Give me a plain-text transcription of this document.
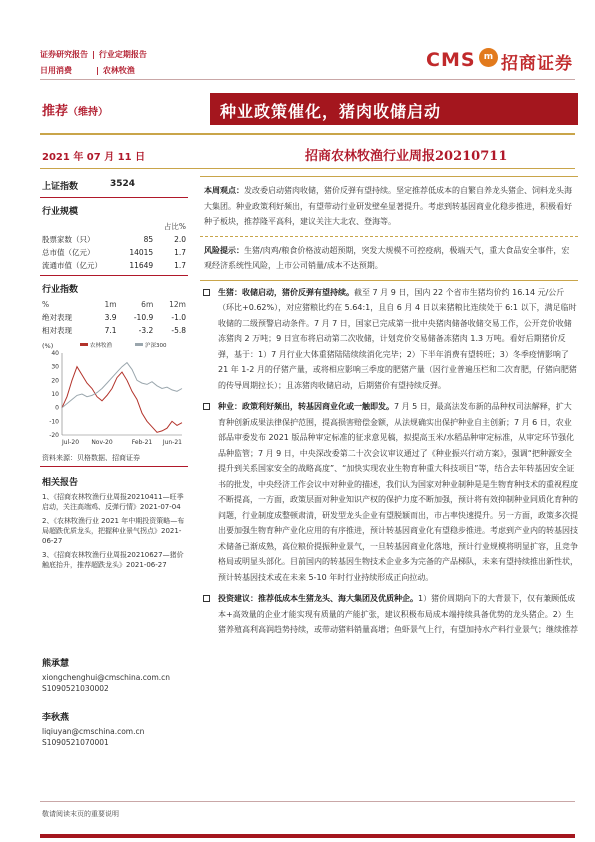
证券研究报告 | 行业定期报告
日用消费	| 农林牧渔	CMS m 招商证券
推荐（维持）	种业政策催化，猪肉收储启动
2021 年 07 月 11 日	招商农林牧渔行业周报20210711
上证指数	3524
行业规模
		占比%
股票家数（只）	85	2.0
总市值（亿元）	14015	1.7
流通市值（亿元）	11649	1.7
行业指数
%	1m	6m	12m
绝对表现	3.9	-10.9	-1.0
相对表现	7.1	-3.2	-5.8
(%)	农林牧渔	沪深300
40
30
20
10
0
-10
-20
Jul-20 Nov-20	Feb-21 Jun-21
资料来源：贝格数据、招商证券
相关报告

1、《招商农林牧渔行业周报20210411—旺季启动，关注高端鸡、反弹行情》2021-07-04

2、《农林牧渔行业 2021 年中期投资策略—布局超跌优质龙头，把握种业景气拐点》2021-06-27

3、《招商农林牧渔行业周报20210627—猪价触底抬升，推荐超跌龙头》2021-06-27

熊承慧
xiongchenghui@cmschina.com.cn
S1090521030002
李秋燕
liqiuyan@cmschina.com.cn
S1090521070001
本周观点：发改委启动猪肉收储，猪价反弹有望持续。坚定推荐低成本的自繁自养龙头猪企、饲料龙头海大集团。种业政策利好频出，有望带动行业研发壁垒显著提升。考虑到转基因商业化稳步推进，积极看好种子板块，推荐隆平高科，建议关注大北农、登海等。
风险提示：生猪/肉鸡/粮食价格波动超预期，突发大规模不可控疫病，极端天气，重大食品安全事件，宏观经济系统性风险，上市公司销量/成本不达预期。
生猪：收储启动，猪价反弹有望持续。截至 7 月 9 日，国内 22 个省市生猪均价约 16.14 元/公斤（环比+0.62%），对应猪粮比约在 5.64:1，且自 6 月 4 日以来猪粮比连续处于 6:1 以下，满足临时收储的二级预警启动条件。7 月 7 日，国家已完成第一批中央猪肉储备收储交易工作，公开竞价收储冻猪肉 2 万吨；9 日宣布将启动第二次收储，计划竞价交易储备冻猪肉 1.3 万吨。看好后期猪价反弹，基于：1）7 月行业大体重猪陆陆续续消化完毕；2）下半年消费有望转旺；3）冬季疫情影响了 21 年 1-2 月的仔猪产量，或将相应影响三季度的肥猪产量（因行业普遍压栏和二次育肥，仔猪向肥猪的传导周期拉长）；且冻猪肉收储启动，后期猪价有望持续反弹。
种业：政策利好频出，转基因商业化或一触即发。7 月 5 日，最高法发布新的品种权司法解释，扩大育种创新成果法律保护范围，提高损害赔偿金额，从法规确实出保护种业自主创新；7 月 6 日，农业部品审委发布 2021 版品种审定标准的征求意见稿，拟提高玉米/水稻品种审定标准，从审定环节强化品种监管；7 月 9 日，中央深改委第二十次会议审议通过了《种业振兴行动方案》，强调“把种源安全提升到关系国家安全的战略高度”、“加快实现农业生物育种重大科技项目”等，结合去年转基因安全证书的批发，中央经济工作会议中对种业的描述，我们认为国家对种业制种是是生物育种技术的重视程度不断提高，一方面，政策层面对种业知识产权的保护力度不断加强，预计将有效抑制种业同质化育种的问题，行业制度成整顿肃清，研发型龙头企业有望脱颖而出，市占率快速提升。另一方面，政策多次提出要加强生物育种产业化应用的有序推进，预计转基因商业化有望稳步推进。考虑到产业内的转基因技术储备已渐成熟，高位粮价提振种业景气，一旦转基因商业化落地，预计行业规模将明显扩容，且竞争格局或明显头部化。目前国内的转基因生物技术企业多为完备的产品梯队，未来有望持续推出新性状，预计转基因技术或在未来 5-10 年时行业持续形成正向拉动。
投资建议：推荐低成本生猪龙头、海大集团及优质种企。1）猪价周期向下的大背景下，仅有兼顾低成本+高效量的企业才能实现有质量的产能扩张，建议积极布局成本端持续具备优势的龙头猪企。2）生猪养殖高利高润趋势持续，或带动猪料销量高增；鱼虾景气上行，有望加持水产料行业景气；继续推荐
敬请阅读末页的重要说明
